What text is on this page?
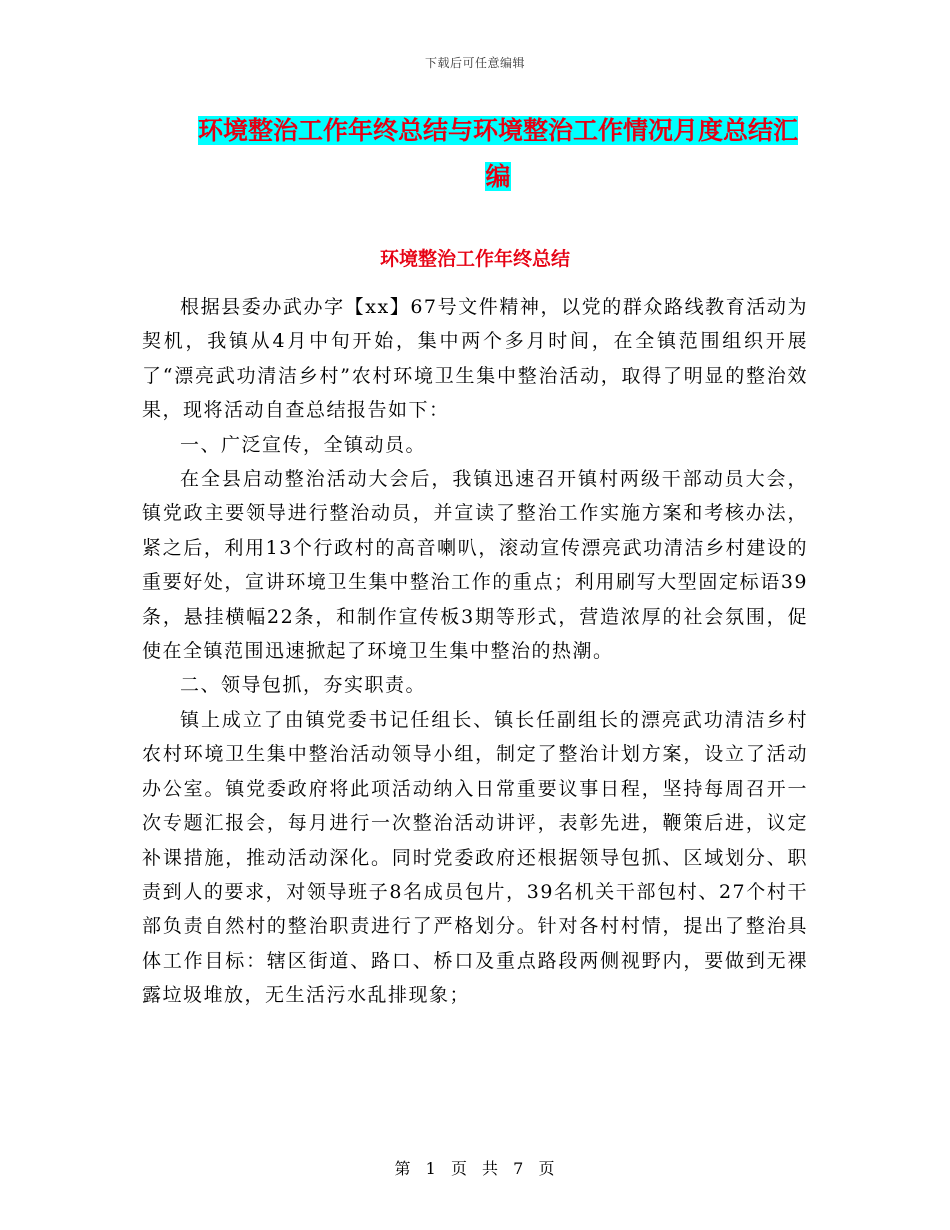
下载后可任意编辑
环境整治工作年终总结与环境整治工作情况月度总结汇编
环境整治工作年终总结

根据县委办武办字【xx】67号文件精神，以党的群众路线教育活动为契机，我镇从4月中旬开始，集中两个多月时间，在全镇范围组织开展了“漂亮武功清洁乡村”农村环境卫生集中整治活动，取得了明显的整治效果，现将活动自查总结报告如下：

一、广泛宣传，全镇动员。

在全县启动整治活动大会后，我镇迅速召开镇村两级干部动员大会，镇党政主要领导进行整治动员，并宣读了整治工作实施方案和考核办法，紧之后，利用13个行政村的高音喇叭，滚动宣传漂亮武功清洁乡村建设的重要好处，宣讲环境卫生集中整治工作的重点；利用刷写大型固定标语39条，悬挂横幅22条，和制作宣传板3期等形式，营造浓厚的社会氛围，促使在全镇范围迅速掀起了环境卫生集中整治的热潮。

二、领导包抓，夯实职责。

镇上成立了由镇党委书记任组长、镇长任副组长的漂亮武功清洁乡村农村环境卫生集中整治活动领导小组，制定了整治计划方案，设立了活动办公室。镇党委政府将此项活动纳入日常重要议事日程，坚持每周召开一次专题汇报会，每月进行一次整治活动讲评，表彰先进，鞭策后进，议定补课措施，推动活动深化。同时党委政府还根据领导包抓、区域划分、职责到人的要求，对领导班子8名成员包片，39名机关干部包村、27个村干部负责自然村的整治职责进行了严格划分。针对各村村情，提出了整治具体工作目标：辖区街道、路口、桥口及重点路段两侧视野内，要做到无裸露垃圾堆放，无生活污水乱排现象；

第 1 页 共 7 页
